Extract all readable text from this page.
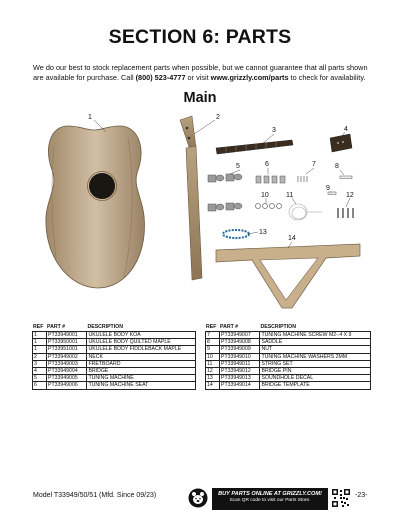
SECTION 6: PARTS
We do our best to stock replacement parts when possible, but we cannot guarantee that all parts shown are available for purchase. Call (800) 523-4777 or visit www.grizzly.com/parts to check for availability.
Main
1	2
3	4
5	6	7	8
9
10 11	12
13
14
REF PART #	DESCRIPTION
1	PT33949001	UKULELE BODY KOA
1	PT33950001	UKULELE BODY QUILTED MAPLE
1	PT33951001	UKULELE BODY FIDDLEBACK MAPLE
2	PT33949002	NECK
3	PT33949003	FRETBOARD
4	PT33949004	BRIDGE
5	PT33949005	TUNING MACHINE
6	PT33949006	TUNING MACHINE SEAT
REF PART #	DESCRIPTION
7	PT33949007	TUNING MACHINE SCREW M2-.4 X 9
8	PT33949008	SADDLE
9	PT33949009	NUT
10	PT33949010	TUNING MACHINE WASHERS 2MM
11	PT33949011	STRING SET
12	PT33949012	BRIDGE PIN
13	PT33949013	SOUNDHOLE DECAL
14	PT33949014	BRIDGE TEMPLATE
Model T33949/50/51 (Mfd. Since 09/23)	BUY PARTS ONLINE AT GRIZZLY.COM!
Scan QR code to visit our Parts Store.
-23-
